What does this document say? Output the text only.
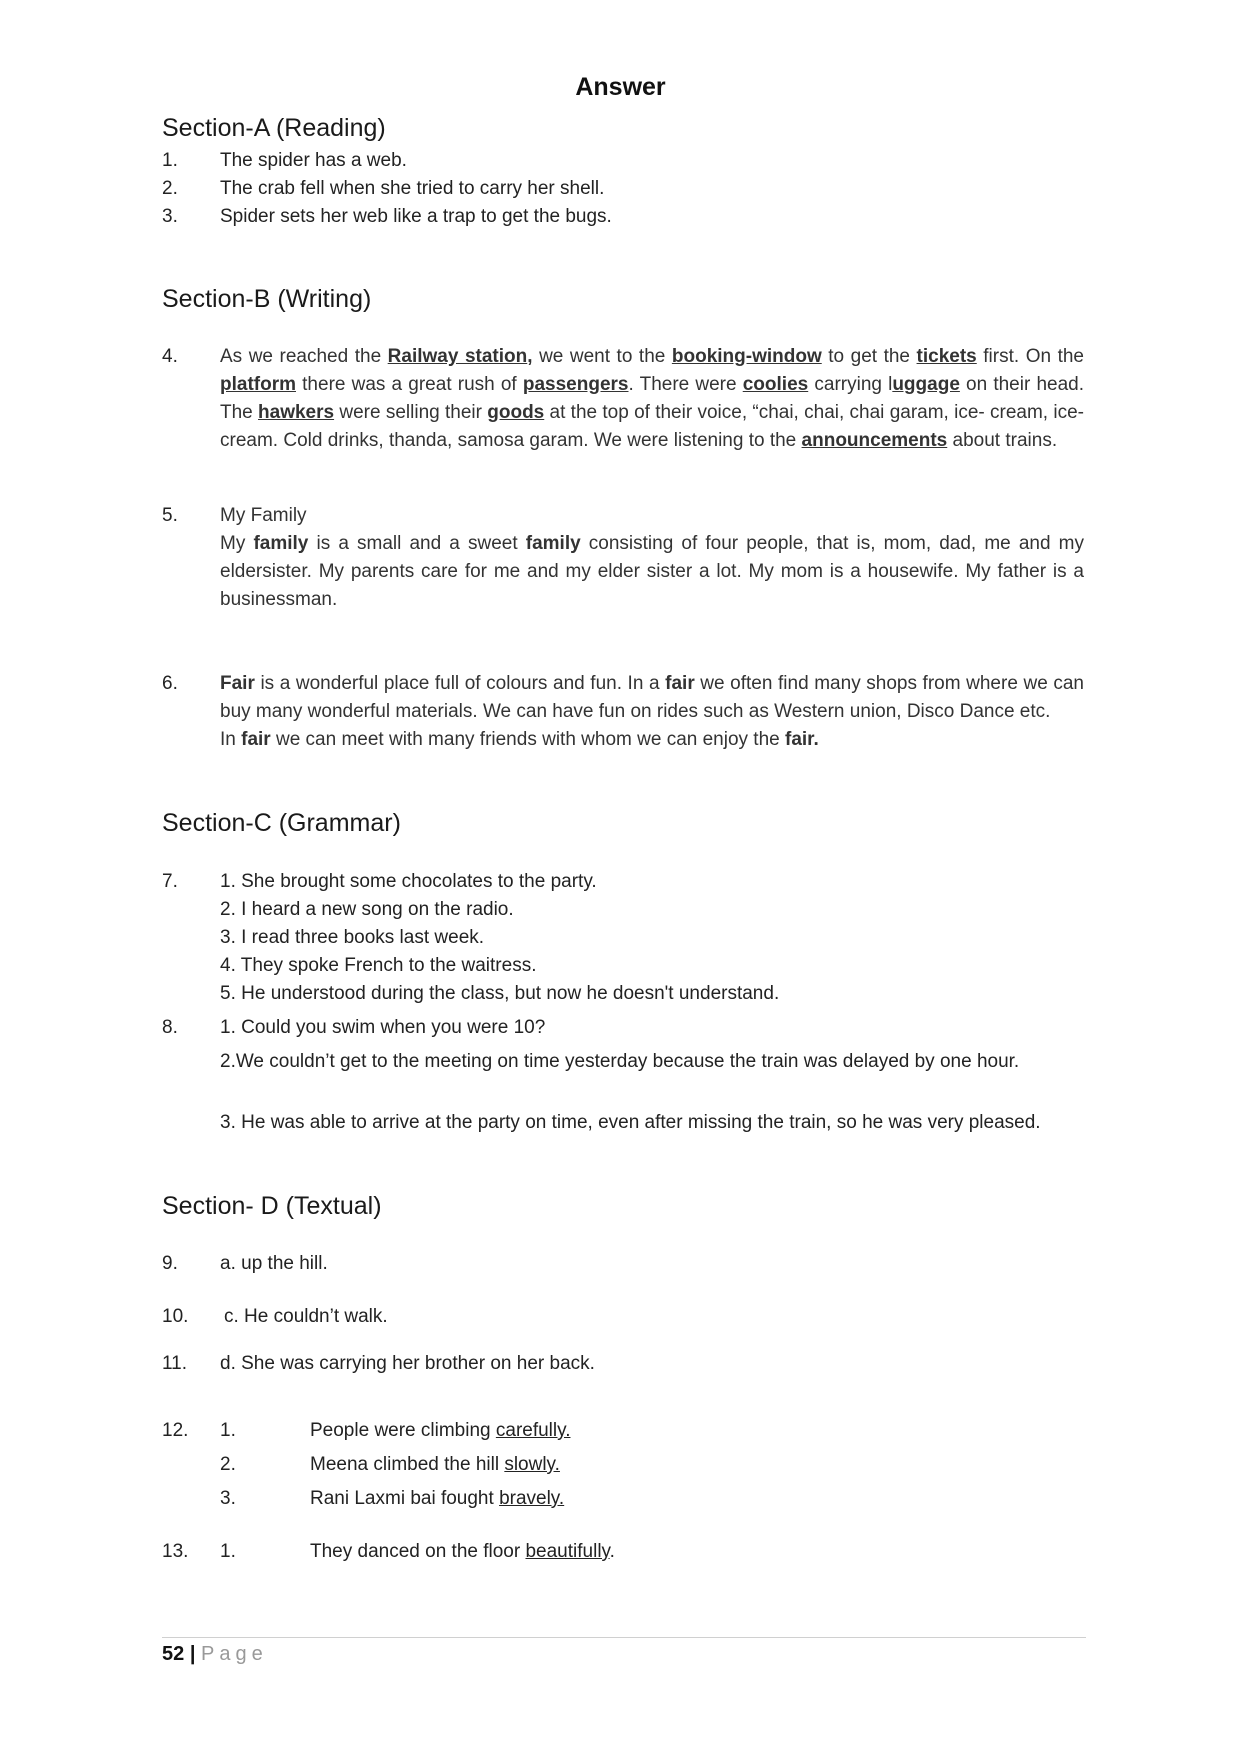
Answer
Section-A (Reading)
1. The spider has a web.
2. The crab fell when she tried to carry her shell.
3. Spider sets her web like a trap to get the bugs.
Section-B (Writing)
4. As we reached the Railway station, we went to the booking-window to get the tickets first. On the platform there was a great rush of passengers. There were coolies carrying luggage on their head. The hawkers were selling their goods at the top of their voice, “chai, chai, chai garam, ice- cream, ice-cream. Cold drinks, thanda, samosa garam. We were listening to the announcements about trains.

5. My Family

My family is a small and a sweet family consisting of four people, that is, mom, dad, me and my eldersister. My parents care for me and my elder sister a lot. My mom is a housewife. My father is a businessman.

6. Fair is a wonderful place full of colours and fun. In a fair we often find many shops from where we can buy many wonderful materials. We can have fun on rides such as Western union, Disco Dance etc.

In fair we can meet with many friends with whom we can enjoy the fair.

Section-C (Grammar)
7. 1. She brought some chocolates to the party.
2. I heard a new song on the radio.
3. I read three books last week.
4. They spoke French to the waitress.
5. He understood during the class, but now he doesn't understand.
8. 1. Could you swim when you were 10?
2.We couldn’t get to the meeting on time yesterday because the train was delayed by one hour.
3. He was able to arrive at the party on time, even after missing the train, so he was very pleased.
Section- D (Textual)
9. a. up the hill.
10. c. He couldn’t walk.
11. d. She was carrying her brother on her back.
12. 1.	People were climbing carefully.
2.	Meena climbed the hill slowly.
3.	Rani Laxmi bai fought bravely.
13. 1.	They danced on the floor beautifully.
52 | Page
